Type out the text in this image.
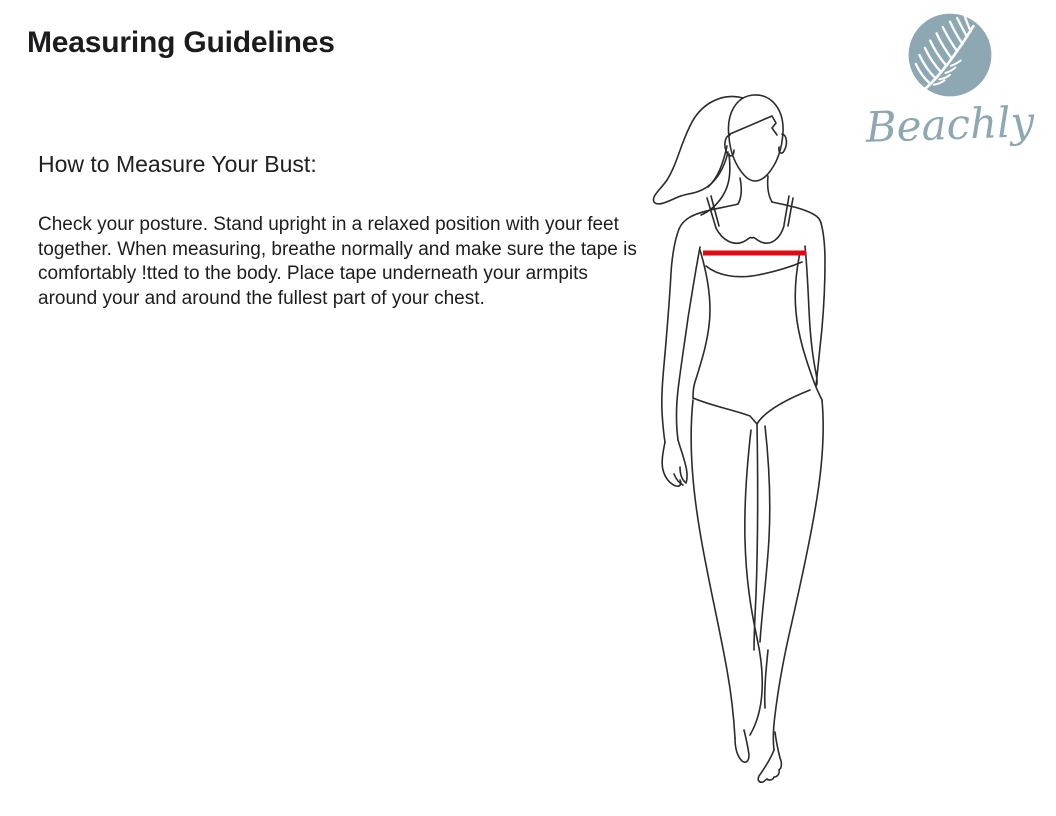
Measuring Guidelines
Beachly
How to Measure Your Bust:

Check your posture. Stand upright in a relaxed position with your feet together. When measuring, breathe normally and make sure the tape is comfortably !tted to the body. Place tape underneath your armpits around your and around the fullest part of your chest.
